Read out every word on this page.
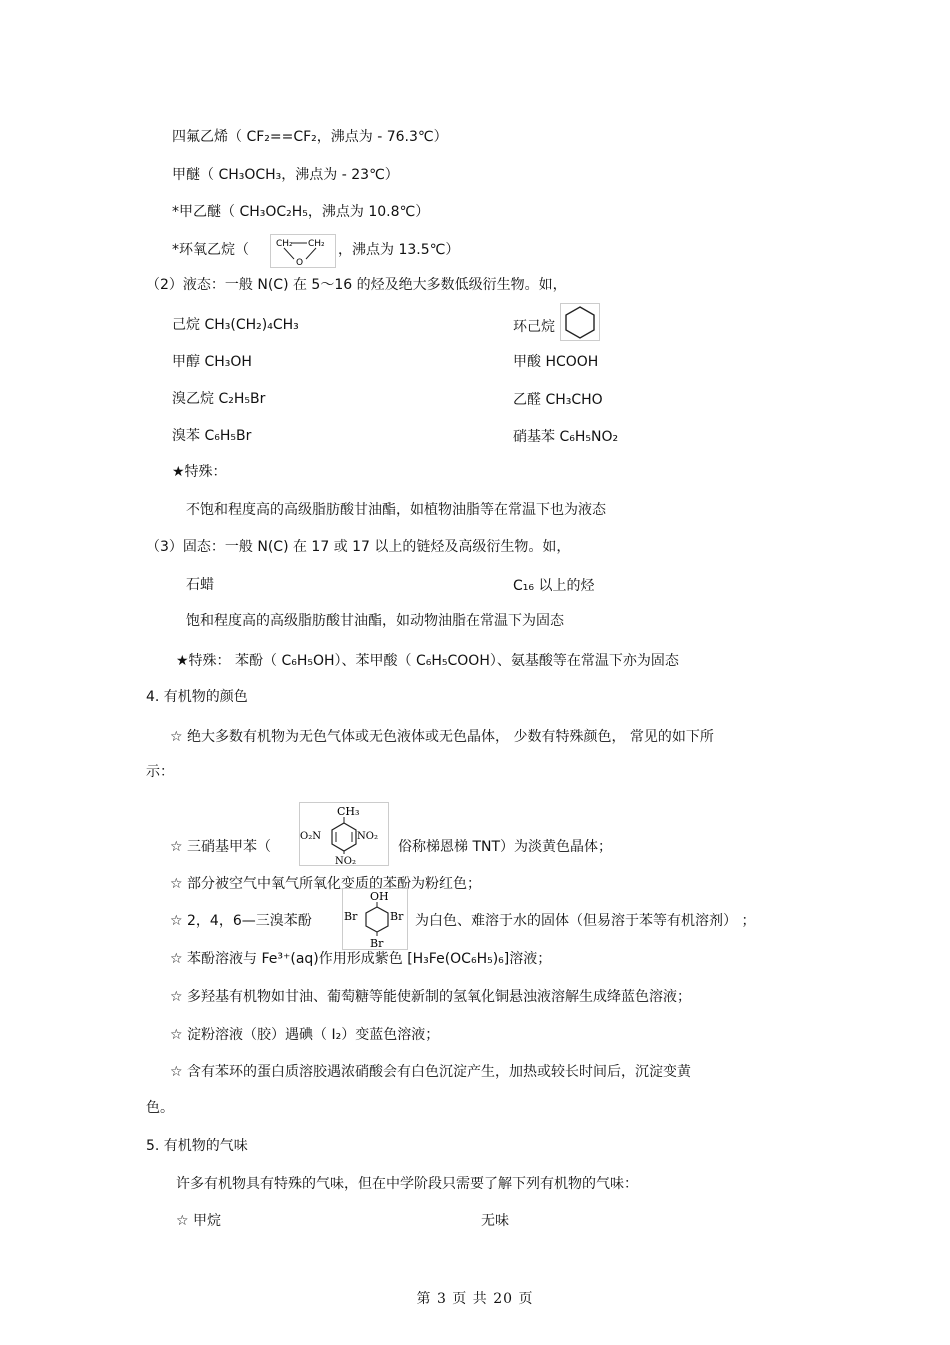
四氟乙烯（ CF₂==CF₂，沸点为 - 76.3℃）
甲醚（ CH₃OCH₃，沸点为 - 23℃）
*甲乙醚（ CH₃OC₂H₅，沸点为 10.8℃）
*环氧乙烷（	CH₂ CH₂
O
，沸点为 13.5℃）
（2）液态：一般 N(C) 在 5～16 的烃及绝大多数低级衍生物。如，
己烷 CH₃(CH₂)₄CH₃	环己烷
甲醇 CH₃OH	甲酸 HCOOH
溴乙烷 C₂H₅Br	乙醛 CH₃CHO
溴苯 C₆H₅Br	硝基苯 C₆H₅NO₂
★特殊：
不饱和程度高的高级脂肪酸甘油酯，如植物油脂等在常温下也为液态
（3）固态：一般 N(C) 在 17 或 17 以上的链烃及高级衍生物。如，
石蜡	C₁₆ 以上的烃
饱和程度高的高级脂肪酸甘油酯，如动物油脂在常温下为固态
★特殊： 苯酚（ C₆H₅OH）、苯甲酸（ C₆H₅COOH）、氨基酸等在常温下亦为固态
4. 有机物的颜色
☆ 绝大多数有机物为无色气体或无色液体或无色晶体， 少数有特殊颜色， 常见的如下所
示：
☆ 三硝基甲苯（
CH₃
O₂N	NO₂
NO₂
俗称梯恩梯 TNT）为淡黄色晶体；
☆ 部分被空气中氧气所氧化变质的苯酚为粉红色；
☆ 2，4，6—三溴苯酚
OH
Br	Br
Br
为白色、难溶于水的固体（但易溶于苯等有机溶剂） ；
☆ 苯酚溶液与 Fe³⁺(aq)作用形成紫色 [H₃Fe(OC₆H₅)₆]溶液；
☆ 多羟基有机物如甘油、葡萄糖等能使新制的氢氧化铜悬浊液溶解生成绛蓝色溶液；
☆ 淀粉溶液（胶）遇碘（ I₂）变蓝色溶液；
☆ 含有苯环的蛋白质溶胶遇浓硝酸会有白色沉淀产生，加热或较长时间后，沉淀变黄
色。
5. 有机物的气味
许多有机物具有特殊的气味，但在中学阶段只需要了解下列有机物的气味：
☆ 甲烷	无味
第 3 页 共 20 页
